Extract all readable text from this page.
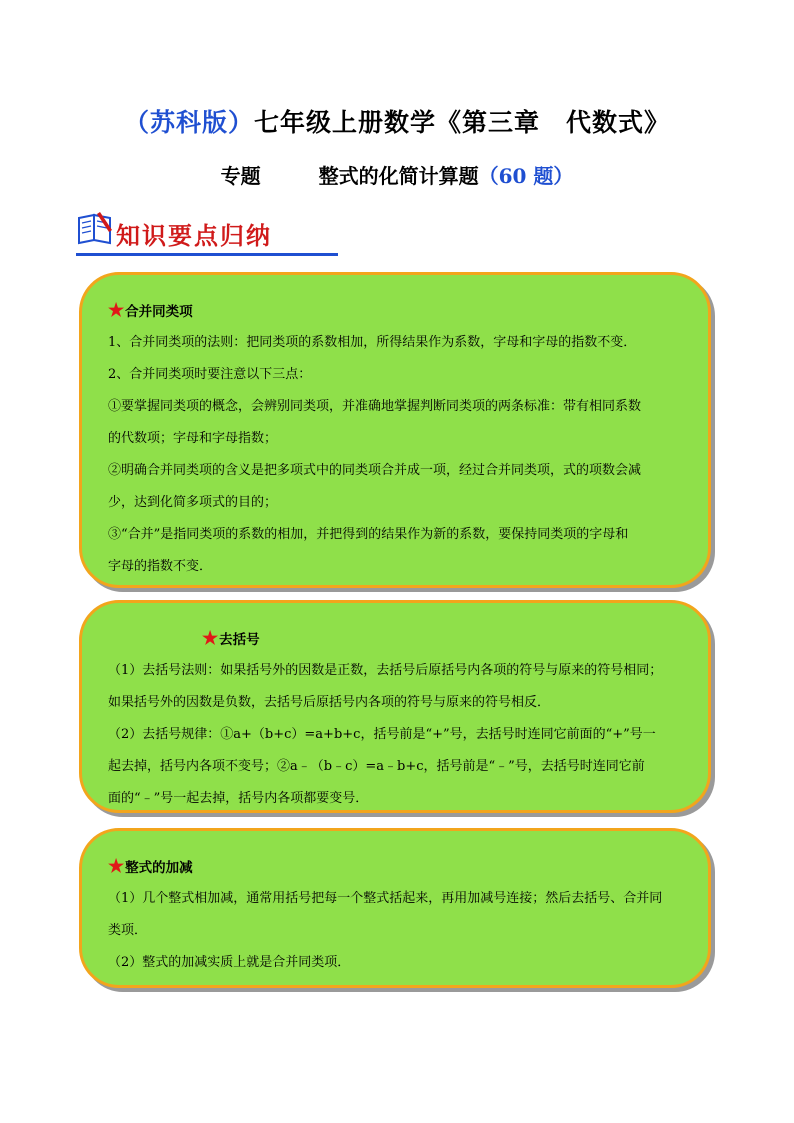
（苏科版）七年级上册数学《第三章　代数式》
专题	整式的化简计算题（60 题）
知识要点归纳
★合并同类项

1、合并同类项的法则：把同类项的系数相加，所得结果作为系数，字母和字母的指数不变．

2、合并同类项时要注意以下三点：

①要掌握同类项的概念，会辨别同类项，并准确地掌握判断同类项的两条标准：带有相同系数

的代数项；字母和字母指数；

②明确合并同类项的含义是把多项式中的同类项合并成一项，经过合并同类项，式的项数会减

少，达到化简多项式的目的；

③“合并”是指同类项的系数的相加，并把得到的结果作为新的系数，要保持同类项的字母和

字母的指数不变．

★去括号

（1）去括号法则：如果括号外的因数是正数，去括号后原括号内各项的符号与原来的符号相同；

如果括号外的因数是负数，去括号后原括号内各项的符号与原来的符号相反．

（2）去括号规律：①a+（b+c）=a+b+c，括号前是“+”号，去括号时连同它前面的“+”号一

起去掉，括号内各项不变号；②a﹣（b﹣c）=a﹣b+c，括号前是“﹣”号，去括号时连同它前

面的“﹣”号一起去掉，括号内各项都要变号．

★整式的加减

（1）几个整式相加减，通常用括号把每一个整式括起来，再用加减号连接；然后去括号、合并同

类项．

（2）整式的加减实质上就是合并同类项．
